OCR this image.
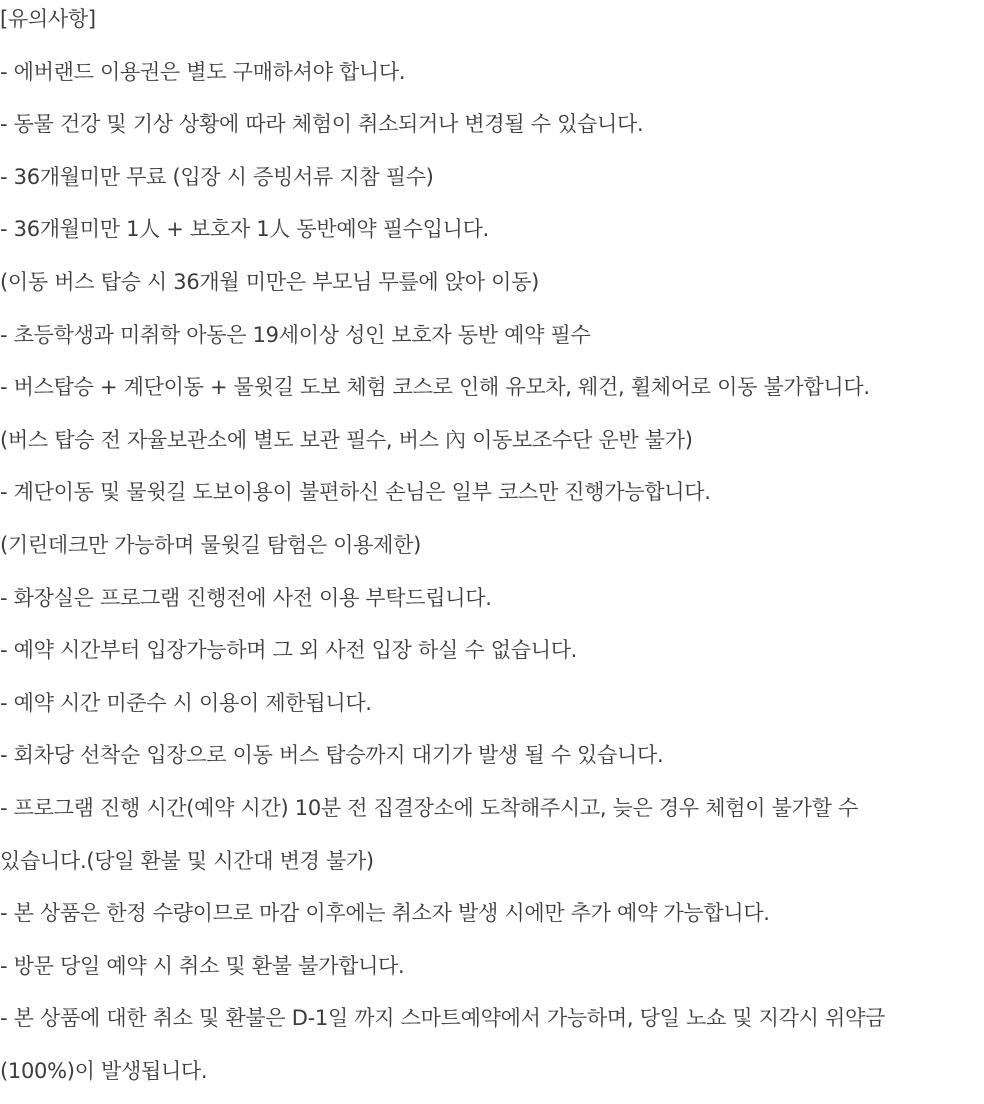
[유의사항]
- 에버랜드 이용권은 별도 구매하셔야 합니다.
- 동물 건강 및 기상 상황에 따라 체험이 취소되거나 변경될 수 있습니다.
- 36개월미만 무료 (입장 시 증빙서류 지참 필수)
- 36개월미만 1人 + 보호자 1人 동반예약 필수입니다.
(이동 버스 탑승 시 36개월 미만은 부모님 무릎에 앉아 이동)
- 초등학생과 미취학 아동은 19세이상 성인 보호자 동반 예약 필수
- 버스탑승 + 계단이동 + 물윗길 도보 체험 코스로 인해 유모차, 웨건, 휠체어로 이동 불가합니다.
(버스 탑승 전 자율보관소에 별도 보관 필수, 버스 內 이동보조수단 운반 불가)
- 계단이동 및 물윗길 도보이용이 불편하신 손님은 일부 코스만 진행가능합니다.
(기린데크만 가능하며 물윗길 탐험은 이용제한)
- 화장실은 프로그램 진행전에 사전 이용 부탁드립니다.
- 예약 시간부터 입장가능하며 그 외 사전 입장 하실 수 없습니다.
- 예약 시간 미준수 시 이용이 제한됩니다.
- 회차당 선착순 입장으로 이동 버스 탑승까지 대기가 발생 될 수 있습니다.
- 프로그램 진행 시간(예약 시간) 10분 전 집결장소에 도착해주시고, 늦은 경우 체험이 불가할 수
있습니다.(당일 환불 및 시간대 변경 불가)
- 본 상품은 한정 수량이므로 마감 이후에는 취소자 발생 시에만 추가 예약 가능합니다.
- 방문 당일 예약 시 취소 및 환불 불가합니다.
- 본 상품에 대한 취소 및 환불은 D-1일 까지 스마트예약에서 가능하며, 당일 노쇼 및 지각시 위약금
(100%)이 발생됩니다.
